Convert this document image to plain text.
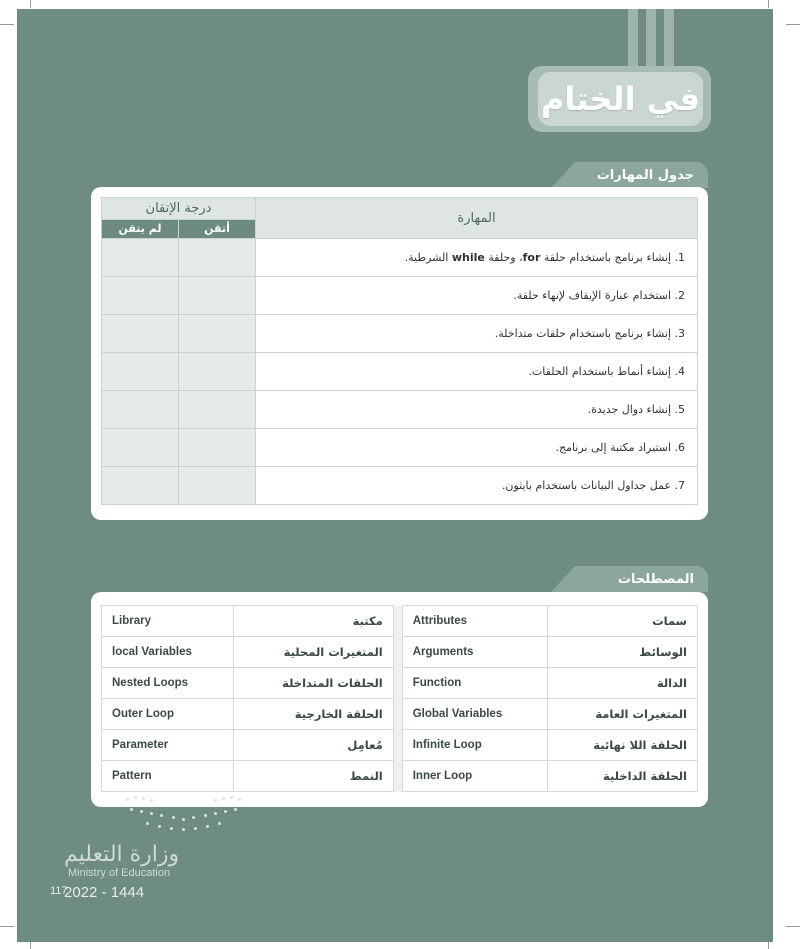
في الختام
جدول المهارات
المهارة	درجة الإتقان	
	أتقن	لم يتقن
1. إنشاء برنامج باستخدام حلقة for، وحلقة while الشرطية.		
2. استخدام عبارة الإيقاف لإنهاء حلقة.		
3. إنشاء برنامج باستخدام حلقات متداخلة.		
4. إنشاء أنماط باستخدام الحلقات.		
5. إنشاء دوال جديدة.		
6. استيراد مكتبة إلى برنامج.		
7. عمل جداول البيانات باستخدام بايثون.		
المصطلحات
Library	مكتبة		Attributes	سمات
local Variables	المتغيرات المحلية		Arguments	الوسائط
Nested Loops	الحلقات المتداخلة		Function	الدالة
Outer Loop	الحلقة الخارجية		Global Variables	المتغيرات العامة
Parameter	مُعامِل		Infinite Loop	الحلقة اللا نهائية
Pattern	النمط		Inner Loop	الحلقة الداخلية
وزارة التعليم
Ministry of Education
117
2022 - 1444
